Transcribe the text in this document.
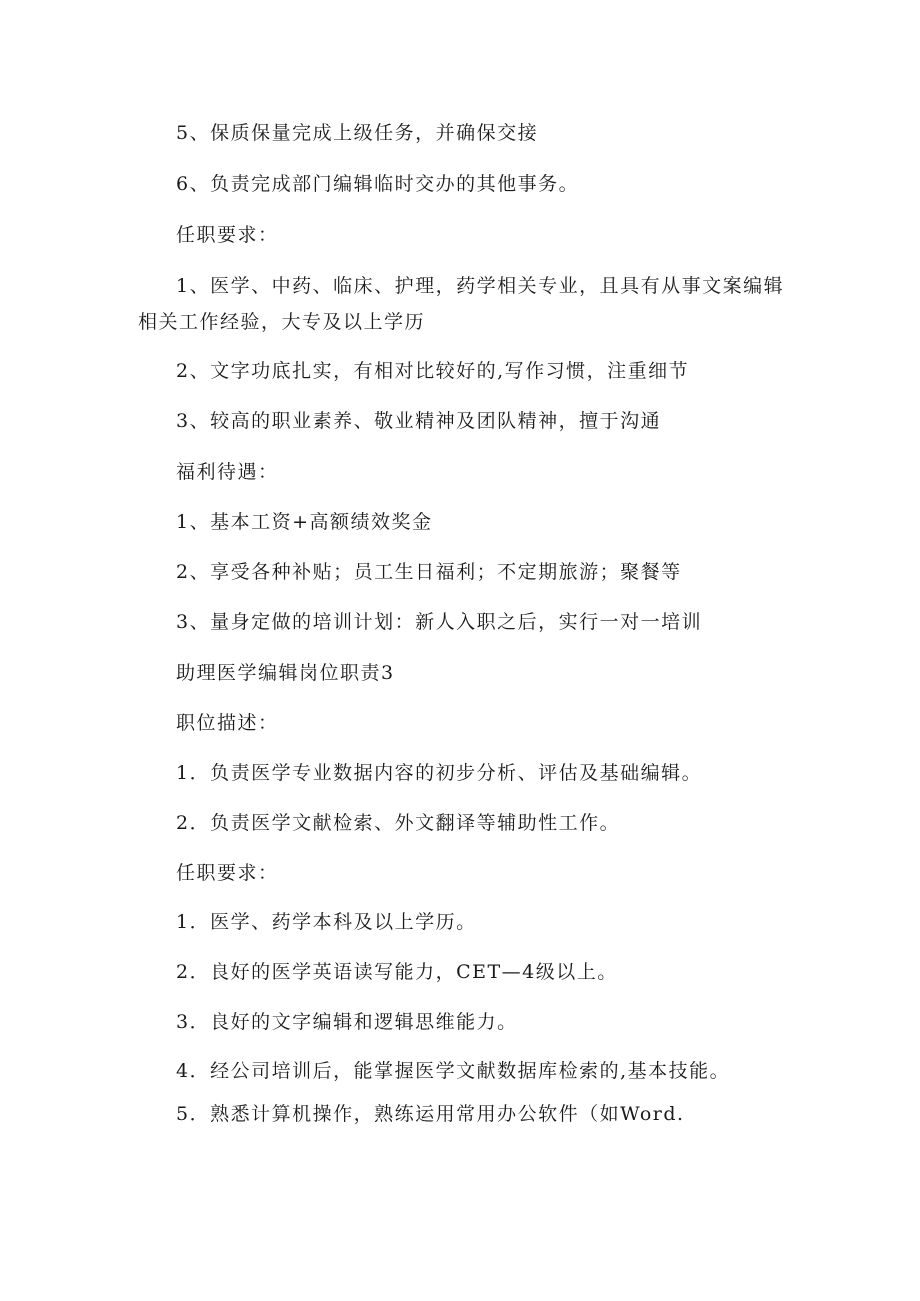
5、保质保量完成上级任务，并确保交接
6、负责完成部门编辑临时交办的其他事务。
任职要求：
1、医学、中药、临床、护理，药学相关专业，且具有从事文案编辑
相关工作经验，大专及以上学历
2、文字功底扎实，有相对比较好的,写作习惯，注重细节
3、较高的职业素养、敬业精神及团队精神，擅于沟通
福利待遇：
1、基本工资+高额绩效奖金
2、享受各种补贴；员工生日福利；不定期旅游；聚餐等
3、量身定做的培训计划：新人入职之后，实行一对一培训
助理医学编辑岗位职责3
职位描述：
1．负责医学专业数据内容的初步分析、评估及基础编辑。
2．负责医学文献检索、外文翻译等辅助性工作。
任职要求：
1．医学、药学本科及以上学历。
2．良好的医学英语读写能力，CET—4级以上。
3．良好的文字编辑和逻辑思维能力。
4．经公司培训后，能掌握医学文献数据库检索的,基本技能。
5．熟悉计算机操作，熟练运用常用办公软件（如Word.
